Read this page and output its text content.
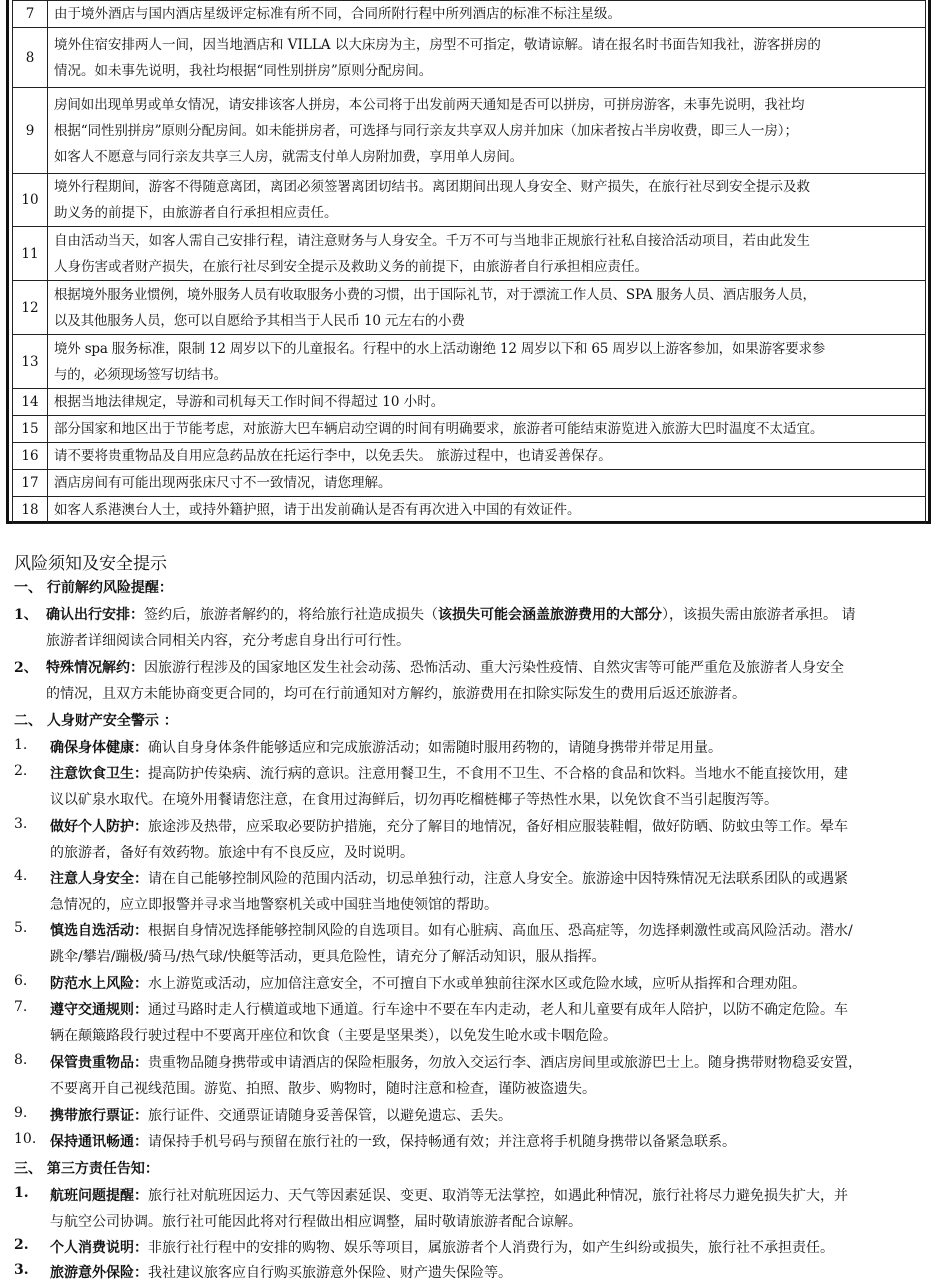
7	由于境外酒店与国内酒店星级评定标准有所不同，合同所附行程中所列酒店的标准不标注星级。
8	境外住宿安排两人一间，因当地酒店和 VILLA 以大床房为主，房型不可指定，敬请谅解。请在报名时书面告知我社，游客拼房的
情况。如未事先说明，我社均根据“同性别拼房”原则分配房间。
9	房间如出现单男或单女情况，请安排该客人拼房，本公司将于出发前两天通知是否可以拼房，可拼房游客，未事先说明，我社均
根据“同性别拼房”原则分配房间。如未能拼房者，可选择与同行亲友共享双人房并加床（加床者按占半房收费，即三人一房）；
如客人不愿意与同行亲友共享三人房，就需支付单人房附加费，享用单人房间。
10	境外行程期间，游客不得随意离团，离团必须签署离团切结书。离团期间出现人身安全、财产损失，在旅行社尽到安全提示及救
助义务的前提下，由旅游者自行承担相应责任。
11	自由活动当天，如客人需自己安排行程，请注意财务与人身安全。千万不可与当地非正规旅行社私自接洽活动项目，若由此发生
人身伤害或者财产损失，在旅行社尽到安全提示及救助义务的前提下，由旅游者自行承担相应责任。
12	根据境外服务业惯例，境外服务人员有收取服务小费的习惯，出于国际礼节，对于漂流工作人员、SPA 服务人员、酒店服务人员，
以及其他服务人员，您可以自愿给予其相当于人民币 10 元左右的小费
13	境外 spa 服务标准，限制 12 周岁以下的儿童报名。行程中的水上活动谢绝 12 周岁以下和 65 周岁以上游客参加，如果游客要求参
与的，必须现场签写切结书。
14	根据当地法律规定，导游和司机每天工作时间不得超过 10 小时。
15	部分国家和地区出于节能考虑，对旅游大巴车辆启动空调的时间有明确要求，旅游者可能结束游览进入旅游大巴时温度不太适宜。
16	请不要将贵重物品及自用应急药品放在托运行李中，以免丢失。 旅游过程中，也请妥善保存。
17	酒店房间有可能出现两张床尺寸不一致情况，请您理解。
18	如客人系港澳台人士，或持外籍护照，请于出发前确认是否有再次进入中国的有效证件。
风险须知及安全提示
一、 行前解约风险提醒：
1、 确认出行安排：签约后，旅游者解约的，将给旅行社造成损失（该损失可能会涵盖旅游费用的大部分），该损失需由旅游者承担。 请
旅游者详细阅读合同相关内容，充分考虑自身出行可行性。
2、 特殊情况解约：因旅游行程涉及的国家地区发生社会动荡、恐怖活动、重大污染性疫情、自然灾害等可能严重危及旅游者人身安全
的情况，且双方未能协商变更合同的，均可在行前通知对方解约，旅游费用在扣除实际发生的费用后返还旅游者。
二、 人身财产安全警示 ：
1. 确保身体健康：确认自身身体条件能够适应和完成旅游活动；如需随时服用药物的，请随身携带并带足用量。
2. 注意饮食卫生：提高防护传染病、流行病的意识。注意用餐卫生，不食用不卫生、不合格的食品和饮料。当地水不能直接饮用，建
议以矿泉水取代。在境外用餐请您注意，在食用过海鲜后，切勿再吃榴梿椰子等热性水果，以免饮食不当引起腹泻等。
3. 做好个人防护：旅途涉及热带，应采取必要防护措施，充分了解目的地情况，备好相应服装鞋帽，做好防晒、防蚊虫等工作。晕车
的旅游者，备好有效药物。旅途中有不良反应，及时说明。
4. 注意人身安全：请在自己能够控制风险的范围内活动，切忌单独行动，注意人身安全。旅游途中因特殊情况无法联系团队的或遇紧
急情况的，应立即报警并寻求当地警察机关或中国驻当地使领馆的帮助。
5. 慎选自选活动：根据自身情况选择能够控制风险的自选项目。如有心脏病、高血压、恐高症等，勿选择刺激性或高风险活动。潜水/
跳伞/攀岩/蹦极/骑马/热气球/快艇等活动，更具危险性，请充分了解活动知识，服从指挥。
6. 防范水上风险：水上游览或活动，应加倍注意安全，不可擅自下水或单独前往深水区或危险水域，应听从指挥和合理劝阻。
7. 遵守交通规则：通过马路时走人行横道或地下通道。行车途中不要在车内走动，老人和儿童要有成年人陪护，以防不确定危险。车
辆在颠簸路段行驶过程中不要离开座位和饮食（主要是坚果类），以免发生呛水或卡咽危险。
8. 保管贵重物品：贵重物品随身携带或申请酒店的保险柜服务，勿放入交运行李、酒店房间里或旅游巴士上。随身携带财物稳妥安置，
不要离开自己视线范围。游览、拍照、散步、购物时，随时注意和检查，谨防被盗遗失。
9. 携带旅行票证：旅行证件、交通票证请随身妥善保管，以避免遗忘、丢失。
10. 保持通讯畅通：请保持手机号码与预留在旅行社的一致，保持畅通有效；并注意将手机随身携带以备紧急联系。
三、 第三方责任告知：
1. 航班问题提醒：旅行社对航班因运力、天气等因素延误、变更、取消等无法掌控，如遇此种情况，旅行社将尽力避免损失扩大，并
与航空公司协调。旅行社可能因此将对行程做出相应调整，届时敬请旅游者配合谅解。
2. 个人消费说明：非旅行社行程中的安排的购物、娱乐等项目，属旅游者个人消费行为，如产生纠纷或损失，旅行社不承担责任。
3. 旅游意外保险：我社建议旅客应自行购买旅游意外保险、财产遗失保险等。
